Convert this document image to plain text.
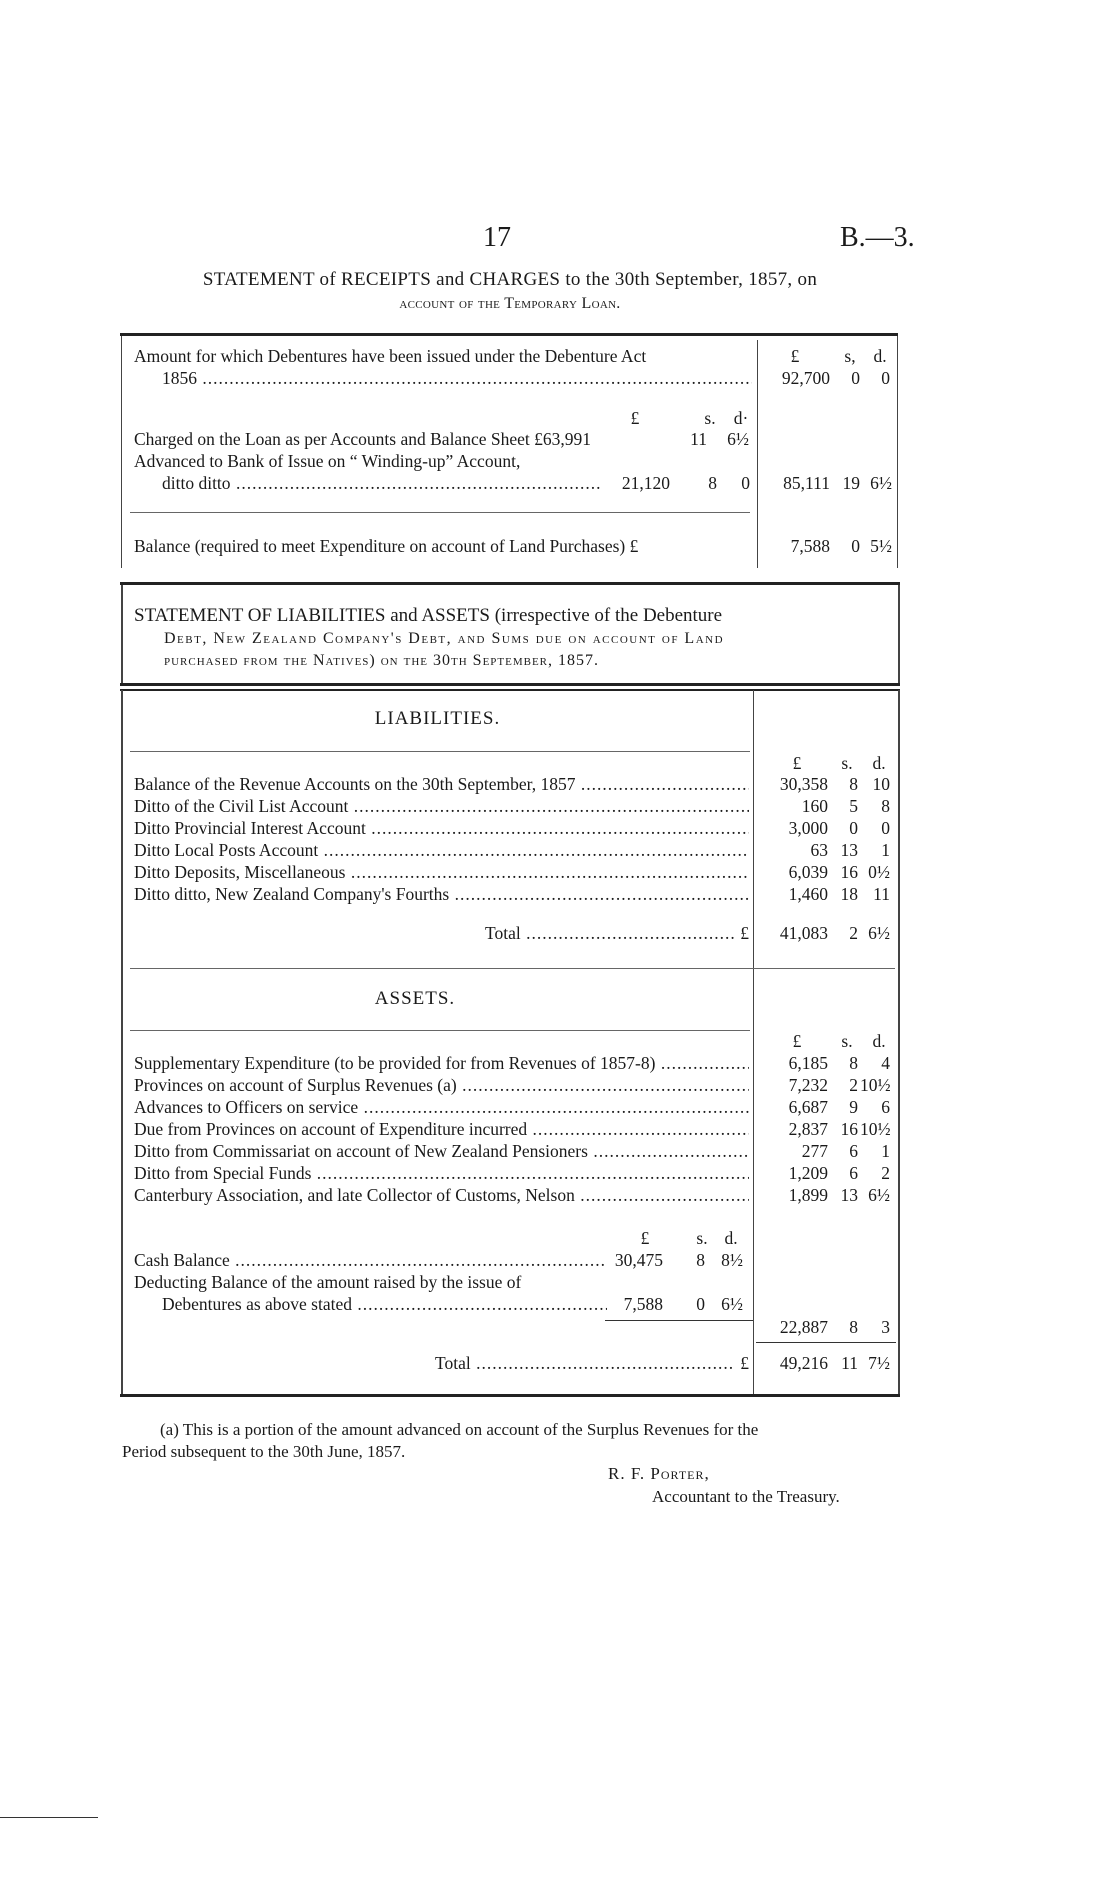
17	B.—3.
STATEMENT of RECEIPTS and CHARGES to the 30th September, 1857, on
account of the Temporary Loan.
£	s,	d.
Amount for which Debentures have been issued under the Debenture Act
1856 .....	92,700	0	0
£	s. d·
Charged on the Loan as per Accounts and Balance Sheet £63,991	11	6½
Advanced to Bank of Issue on “ Winding-up” Account,
ditto ditto .....	21,120	8	0	85,111 19 6½
Balance (required to meet Expenditure on account of Land Purchases) £	7,588	0 5½
STATEMENT OF LIABILITIES and ASSETS (irrespective of the Debenture
Debt, New Zealand Company's Debt, and Sums due on account of Land
purchased from the Natives) on the 30th September, 1857.
LIABILITIES.
£	s.	d.
Balance of the Revenue Accounts on the 30th September, 1857 .....	30,358	8 10
Ditto of the Civil List Account .....	160	5	8
Ditto Provincial Interest Account .....	3,000	0	0
Ditto Local Posts Account .....	63 13	1
Ditto Deposits, Miscellaneous .....	6,039 16 0½
Ditto ditto, New Zealand Company's Fourths .....	1,460 18 11
Total .....	£	41,083	2 6½
ASSETS.
£	s.	d.
Supplementary Expenditure (to be provided for from Revenues of 1857-8) .....	6,185	8	4
Provinces on account of Surplus Revenues (a) .....	7,232	2 10½
Advances to Officers on service .....	6,687	9	6
Due from Provinces on account of Expenditure incurred .....	2,837 16 10½
Ditto from Commissariat on account of New Zealand Pensioners .....	277	6	1
Ditto from Special Funds .....	1,209	6	2
Canterbury Association, and late Collector of Customs, Nelson .....	1,899 13 6½
£	s. d.
Cash Balance .....	30,475	8 8½
Deducting Balance of the amount raised by the issue of
Debentures as above stated .....	7,588	0 6½
22,887	8	3
Total .....	£	49,216 11 7½
(a) This is a portion of the amount advanced on account of the Surplus Revenues for the
Period subsequent to the 30th June, 1857.
R. F. Porter,
Accountant to the Treasury.
